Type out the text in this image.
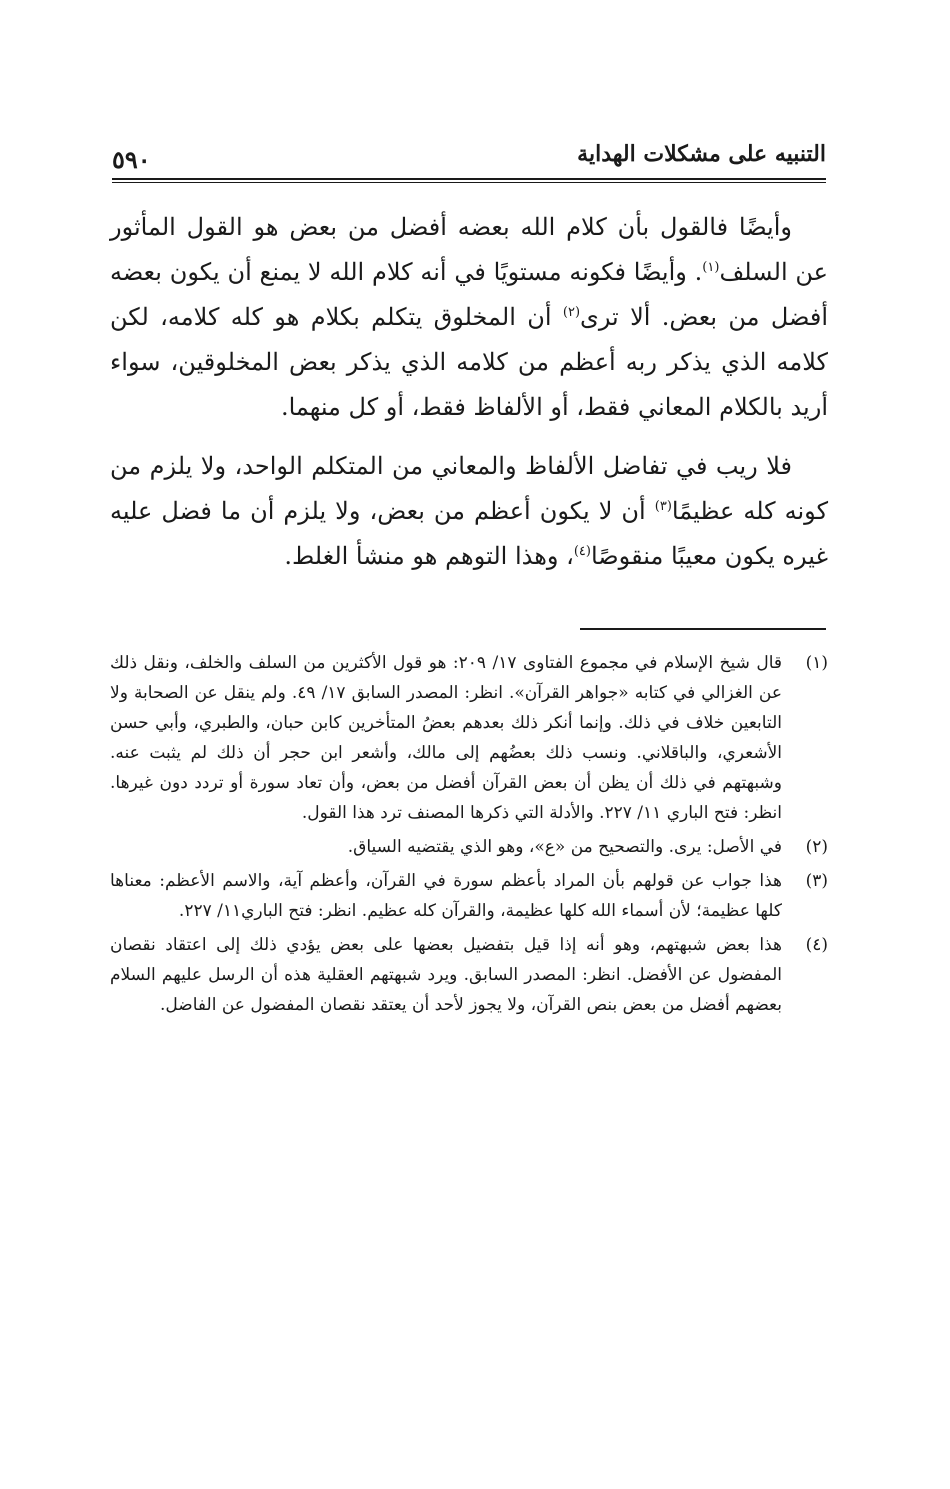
التنبيه على مشكلات الهداية
٥٩٠

وأيضًا فالقول بأن كلام الله بعضه أفضل من بعض هو القول المأثور عن السلف$^{(١)}$. وأيضًا فكونه مستويًا في أنه كلام الله لا يمنع أن يكون بعضه أفضل من بعض. ألا ترى$^{(٢)}$ أن المخلوق يتكلم بكلام هو كله كلامه، لكن كلامه الذي يذكر ربه أعظم من كلامه الذي يذكر بعض المخلوقين، سواء أريد بالكلام المعاني فقط، أو الألفاظ فقط، أو كل منهما.

فلا ريب في تفاضل الألفاظ والمعاني من المتكلم الواحد، ولا يلزم من كونه كله عظيمًا$^{(٣)}$ أن لا يكون أعظم من بعض، ولا يلزم أن ما فضل عليه غيره يكون معيبًا منقوصًا$^{(٤)}$، وهذا التوهم هو منشأ الغلط.

(١)
قال شيخ الإسلام في مجموع الفتاوى ١٧/ ٢٠٩: هو قول الأكثرين من السلف والخلف، ونقل ذلك عن الغزالي في كتابه «جواهر القرآن». انظر: المصدر السابق ١٧/ ٤٩. ولم ينقل عن الصحابة ولا التابعين خلاف في ذلك. وإنما أنكر ذلك بعدهم بعضُ المتأخرين كابن حبان، والطبري، وأبي حسن الأشعري، والباقلاني. ونسب ذلك بعضُهم إلى مالك، وأشعر ابن حجر أن ذلك لم يثبت عنه. وشبهتهم في ذلك أن يظن أن بعض القرآن أفضل من بعض، وأن تعاد سورة أو تردد دون غيرها. انظر: فتح الباري ١١/ ٢٢٧. والأدلة التي ذكرها المصنف ترد هذا القول.
(٢)
في الأصل: يرى. والتصحيح من «ع»، وهو الذي يقتضيه السياق.
(٣)
هذا جواب عن قولهم بأن المراد بأعظم سورة في القرآن، وأعظم آية، والاسم الأعظم: معناها كلها عظيمة؛ لأن أسماء الله كلها عظيمة، والقرآن كله عظيم. انظر: فتح الباري١١/ ٢٢٧.
(٤)
هذا بعض شبهتهم، وهو أنه إذا قيل بتفضيل بعضها على بعض يؤدي ذلك إلى اعتقاد نقصان المفضول عن الأفضل. انظر: المصدر السابق. ويرد شبهتهم العقلية هذه أن الرسل عليهم السلام بعضهم أفضل من بعض بنص القرآن، ولا يجوز لأحد أن يعتقد نقصان المفضول عن الفاضل.
